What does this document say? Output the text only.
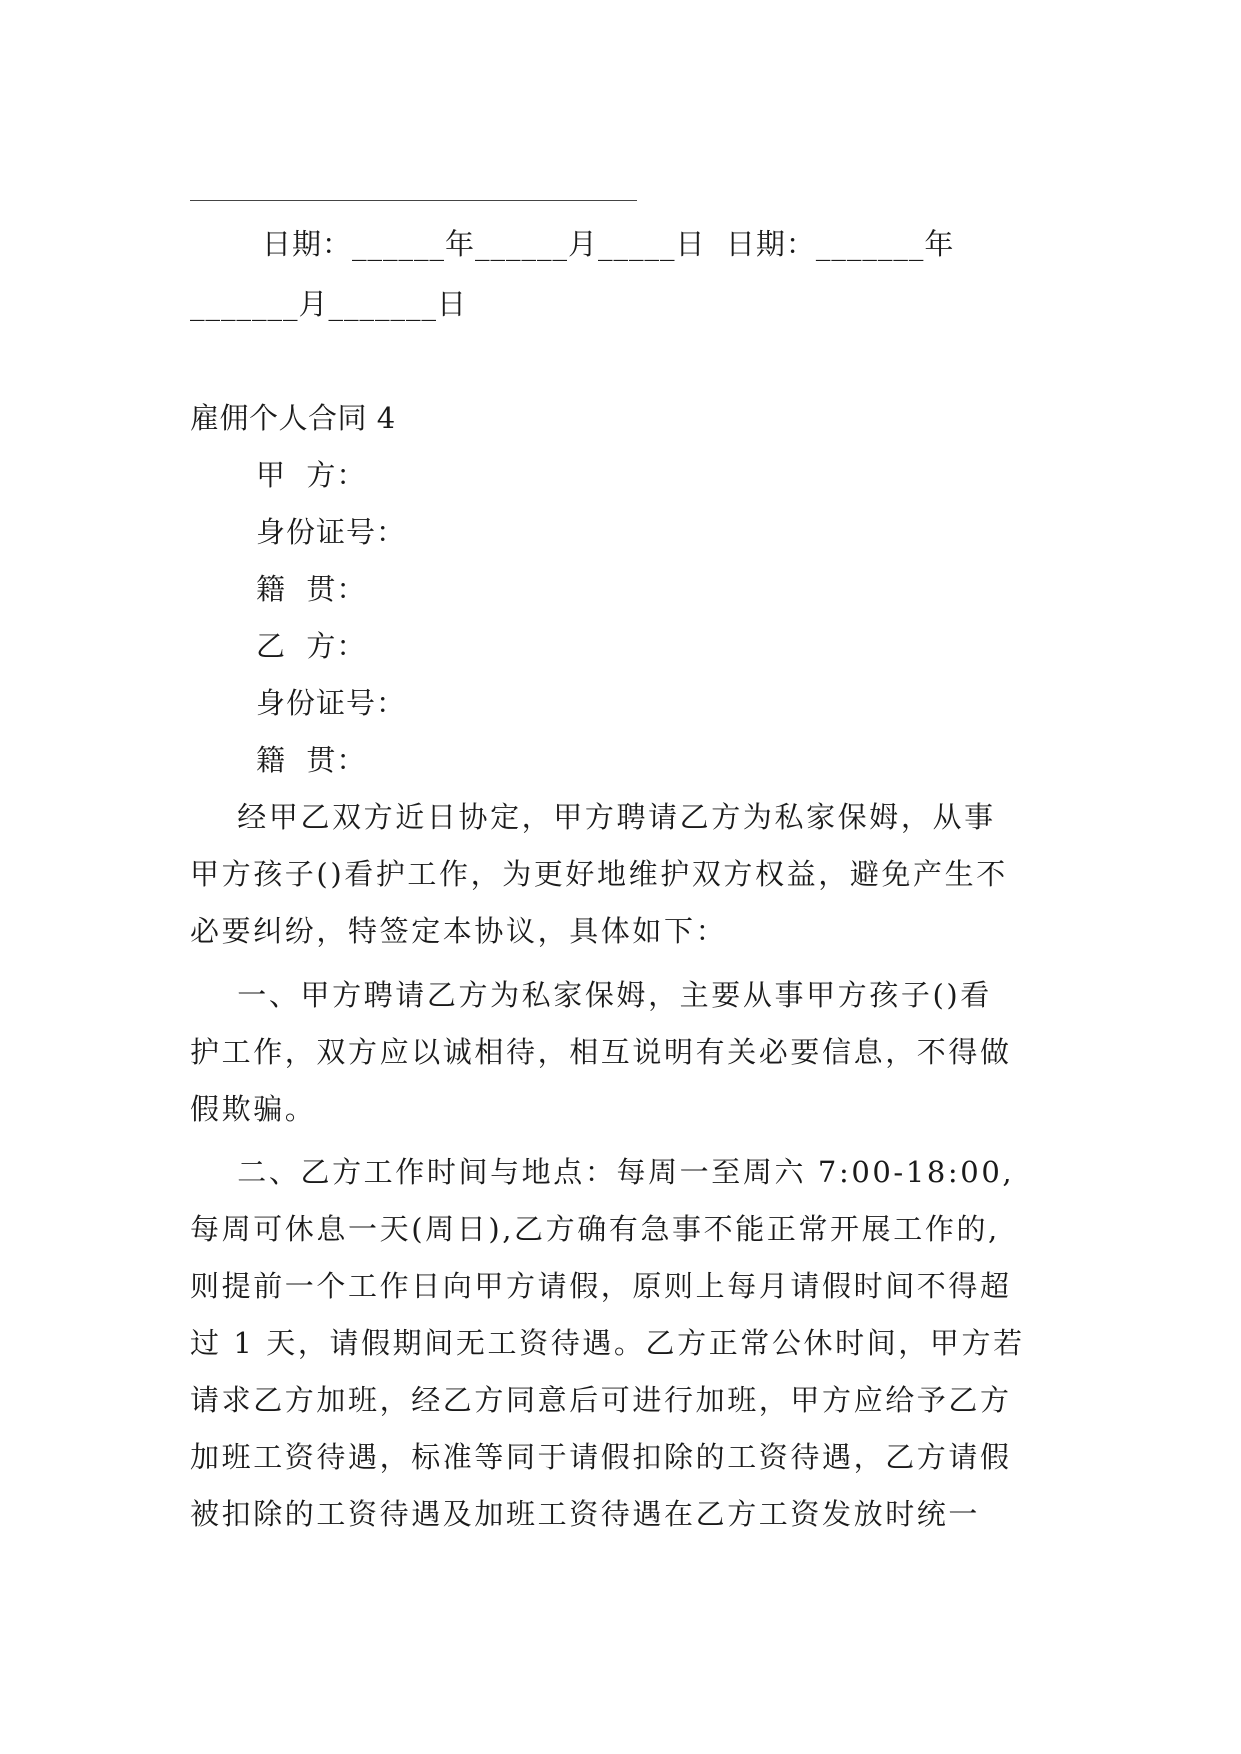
日期：______年______月_____日  日期：_______年
_______月_______日
雇佣个人合同 4
甲  方：
身份证号：
籍  贯：
乙  方：
身份证号：
籍  贯：
经甲乙双方近日协定，甲方聘请乙方为私家保姆，从事
甲方孩子()看护工作，为更好地维护双方权益，避免产生不
必要纠纷，特签定本协议，具体如下：
一、甲方聘请乙方为私家保姆，主要从事甲方孩子()看
护工作，双方应以诚相待，相互说明有关必要信息，不得做
假欺骗。
二、乙方工作时间与地点：每周一至周六 7:00-18:00,
每周可休息一天(周日),乙方确有急事不能正常开展工作的,
则提前一个工作日向甲方请假，原则上每月请假时间不得超
过 1 天，请假期间无工资待遇。乙方正常公休时间，甲方若
请求乙方加班，经乙方同意后可进行加班，甲方应给予乙方
加班工资待遇，标准等同于请假扣除的工资待遇，乙方请假
被扣除的工资待遇及加班工资待遇在乙方工资发放时统一
